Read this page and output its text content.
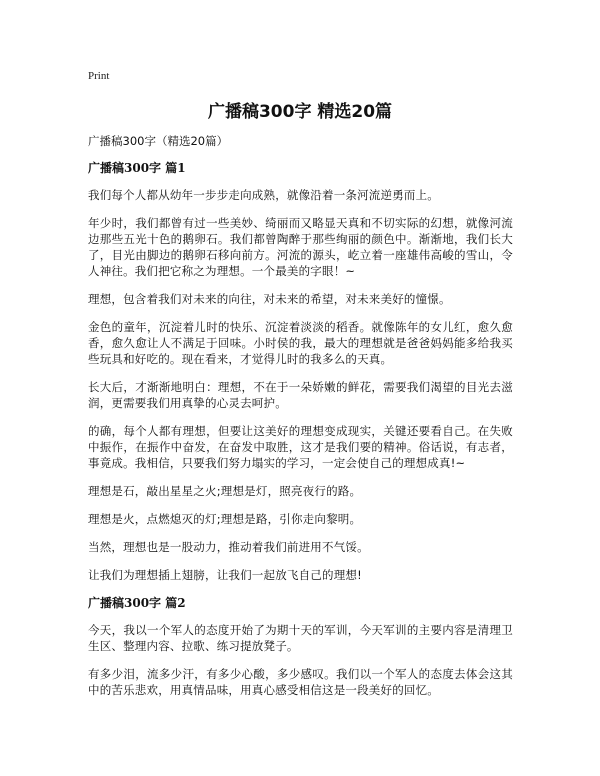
Print
广播稿300字 精选20篇

广播稿300字（精选20篇）

广播稿300字 篇1

我们每个人都从幼年一步步走向成熟，就像沿着一条河流逆勇而上。

年少时，我们都曾有过一些美妙、绮丽而又略显天真和不切实际的幻想，就像河流边那些五光十色的鹅卵石。我们都曾陶醉于那些绚丽的颜色中。渐渐地，我们长大了，目光由脚边的鹅卵石移向前方。河流的源头，屹立着一座雄伟高峻的雪山，令人神往。我们把它称之为理想。一个最美的字眼！~

理想，包含着我们对未来的向往，对未来的希望，对未来美好的憧憬。

金色的童年，沉淀着儿时的快乐、沉淀着淡淡的稻香。就像陈年的女儿红，愈久愈香，愈久愈让人不满足于回味。小时侯的我，最大的理想就是爸爸妈妈能多给我买些玩具和好吃的。现在看来，才觉得儿时的我多么的天真。

长大后，才渐渐地明白：理想，不在于一朵娇嫩的鲜花，需要我们渴望的目光去滋润，更需要我们用真挚的心灵去呵护。

的确，每个人都有理想，但要让这美好的理想变成现实，关键还要看自己。在失败中振作，在振作中奋发，在奋发中取胜，这才是我们要的精神。俗话说，有志者，事竟成。我相信，只要我们努力塌实的学习，一定会使自己的理想成真!~

理想是石，敲出星星之火;理想是灯，照亮夜行的路。

理想是火，点燃熄灭的灯;理想是路，引你走向黎明。

当然，理想也是一股动力，推动着我们前进用不气馁。

让我们为理想插上翅膀，让我们一起放飞自己的理想!

广播稿300字 篇2

今天，我以一个军人的态度开始了为期十天的军训，今天军训的主要内容是清理卫生区、整理内容、拉歌、练习提放凳子。

有多少泪，流多少汗，有多少心酸，多少感叹。我们以一个军人的态度去体会这其中的苦乐悲欢，用真情品味，用真心感受相信这是一段美好的回忆。
